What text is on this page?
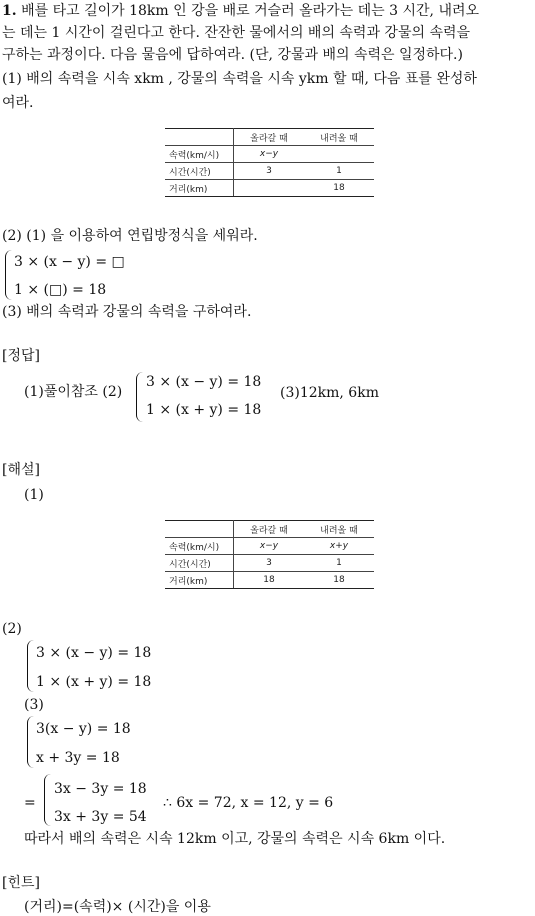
1. 배를 타고 길이가 18km 인 강을 배로 거슬러 올라가는 데는 3 시간, 내려오
는 데는 1 시간이 걸린다고 한다. 잔잔한 물에서의 배의 속력과 강물의 속력을
구하는 과정이다. 다음 물음에 답하여라. (단, 강물과 배의 속력은 일정하다.)
(1) 배의 속력을 시속 xkm , 강물의 속력을 시속 ykm 할 때, 다음 표를 완성하
여라.
	올라갈 때	내려올 때
속력(km/시)	x−y	
시간(시간)	3	1
거리(km)		18
(2) (1) 을 이용하여 연립방정식을 세워라.
3 × (x − y) = □
1 × (□) = 18
(3) 배의 속력과 강물의 속력을 구하여라.
[정답]
(1)풀이참조 (2)
3 × (x − y) = 18
1 × (x + y) = 18
(3)12km, 6km
[해설]
(1)
	올라갈 때	내려올 때
속력(km/시)	x−y	x+y
시간(시간)	3	1
거리(km)	18	18
(2)
3 × (x − y) = 18
1 × (x + y) = 18
(3)
3(x − y) = 18
x + 3y = 18
=
3x − 3y = 18
3x + 3y = 54
∴ 6x = 72, x = 12, y = 6
따라서 배의 속력은 시속 12km 이고, 강물의 속력은 시속 6km 이다.
[힌트]
(거리)=(속력)× (시간)을 이용
